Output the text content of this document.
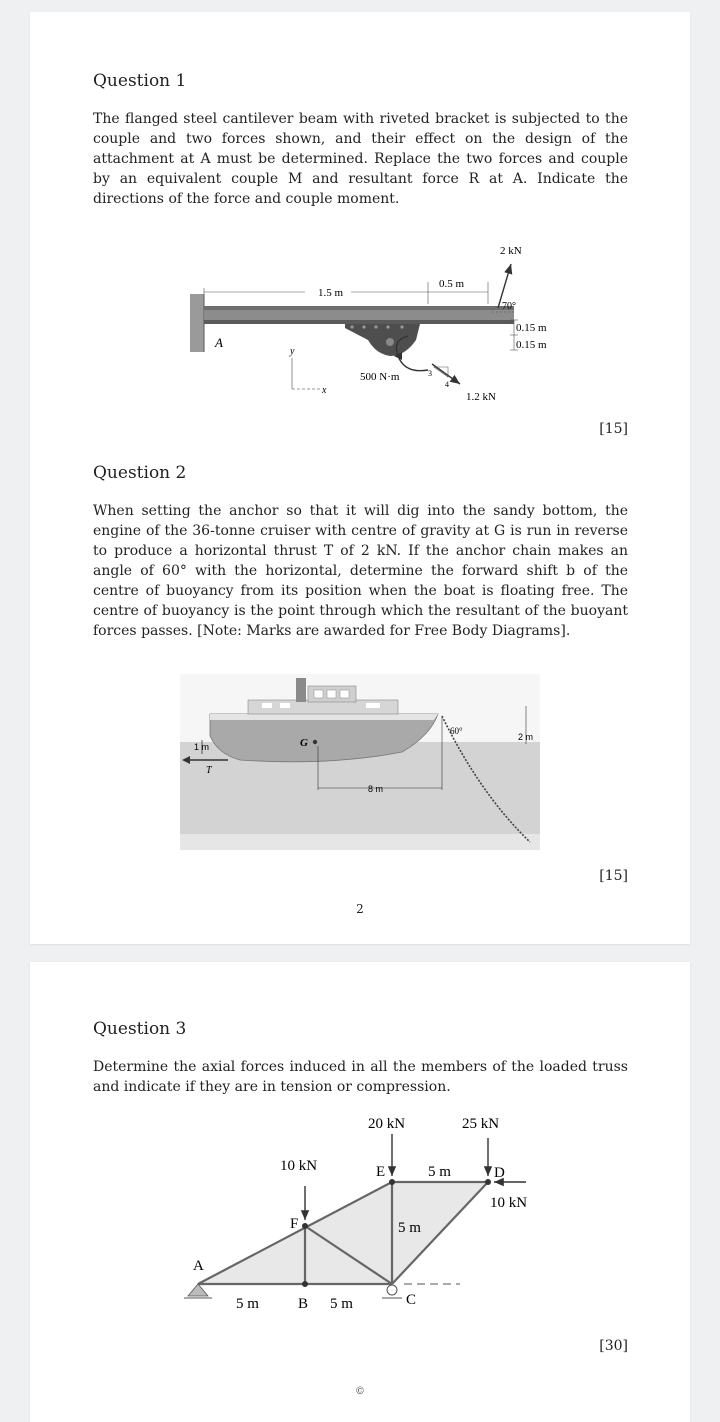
Question 1

The flanged steel cantilever beam with riveted bracket is subjected to the couple and two forces shown, and their effect on the design of the attachment at A must be determined. Replace the two forces and couple by an equivalent couple M and resultant force R at A. Indicate the directions of the force and couple moment.

A
1.5 m
0.5 m
2 kN
70°
0.15 m
0.15 m
y
x
500 N·m	3
4
1.2 kN
[15]
Question 2

When setting the anchor so that it will dig into the sandy bottom, the engine of the 36-tonne cruiser with centre of gravity at G is run in reverse to produce a horizontal thrust T of 2 kN. If the anchor chain makes an angle of 60° with the horizontal, determine the forward shift b of the centre of buoyancy from its position when the boat is floating free. The centre of buoyancy is the point through which the resultant of the buoyant forces passes. [Note: Marks are awarded for Free Body Diagrams].

1 m
T
G
8 m
60°
2 m
[15]
2
Question 3

Determine the axial forces induced in all the members of the loaded truss and indicate if they are in tension or compression.

20 kN	25 kN
10 kN
10 kN
E	5 m	D
F	5 m
A
5 m	B 5 m	C
[30]
©
